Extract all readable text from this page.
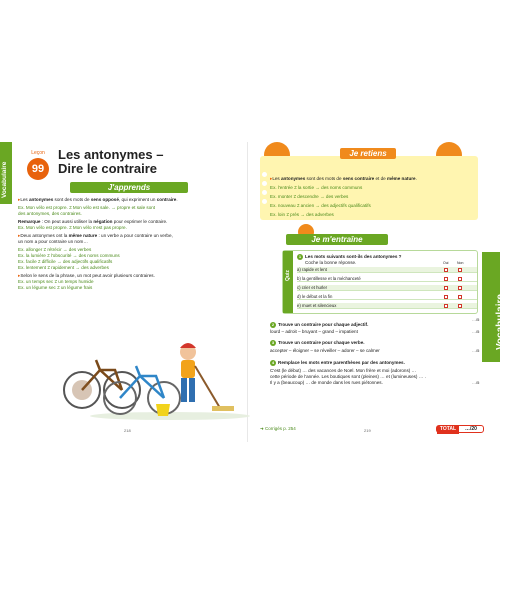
Vocabulaire
Leçon
99
Les antonymes –
Dire le contraire
J'apprends
▸Les antonymes sont des mots de sens opposé, qui expriment un contraire.
Ex. Mon vélo est propre. ≠ Mon vélo est sale. → propre et sale sont
des antonymes, des contraires.
Remarque : On peut aussi utiliser la négation pour exprimer le contraire.
Ex. Mon vélo est propre. ≠ Mon vélo n'est pas propre.
▸Deux antonymes ont la même nature : un verbe a pour contraire un verbe,
un nom a pour contraire un nom…
Ex. allonger ≠ rétrécir → des verbes
Ex. la lumière ≠ l'obscurité → des noms communs
Ex. facile ≠ difficile → des adjectifs qualificatifs
Ex. lentement ≠ rapidement → des adverbes
▸Selon le sens de la phrase, un mot peut avoir plusieurs contraires.
Ex. un temps sec ≠ un temps humide
Ex. un légume sec ≠ un légume frais
218
Vocabulaire
▸Les antonymes sont des mots de sens contraire et de même nature.
Ex. l'entrée ≠ la sortie → des noms communs
Ex. monter ≠ descendre → des verbes
Ex. nouveau ≠ ancien → des adjectifs qualificatifs
Ex. loin ≠ près → des adverbes
Je retiens
Je m'entraîne
Quiz
1 Les mots suivants sont-ils des antonymes ?
Coche la bonne réponse.	Oui Non
a) rapide et lent
b) la gentillesse et la méchanceté
c) crier et hurler
d) le début et la fin
e) muet et silencieux
…/5
2 Trouve un contraire pour chaque adjectif.
lourd – adroit – bruyant – grand – impatient	…/5
3 Trouve un contraire pour chaque verbe.
accepter – éloigner – se réveiller – adorer – se calmer	…/5
4 Remplace les mots entre parenthèses par des antonymes.
C'est (le début) … des vacances de Noël. Mon frère et moi (adorons) …
cette période de l'année. Les boutiques sont (pleines) … et (lumineuses) … .
Il y a (beaucoup) … de monde dans les rues piétonnes.	…/5
➜ Corrigés p. 254	219	TOTAL	…/20
